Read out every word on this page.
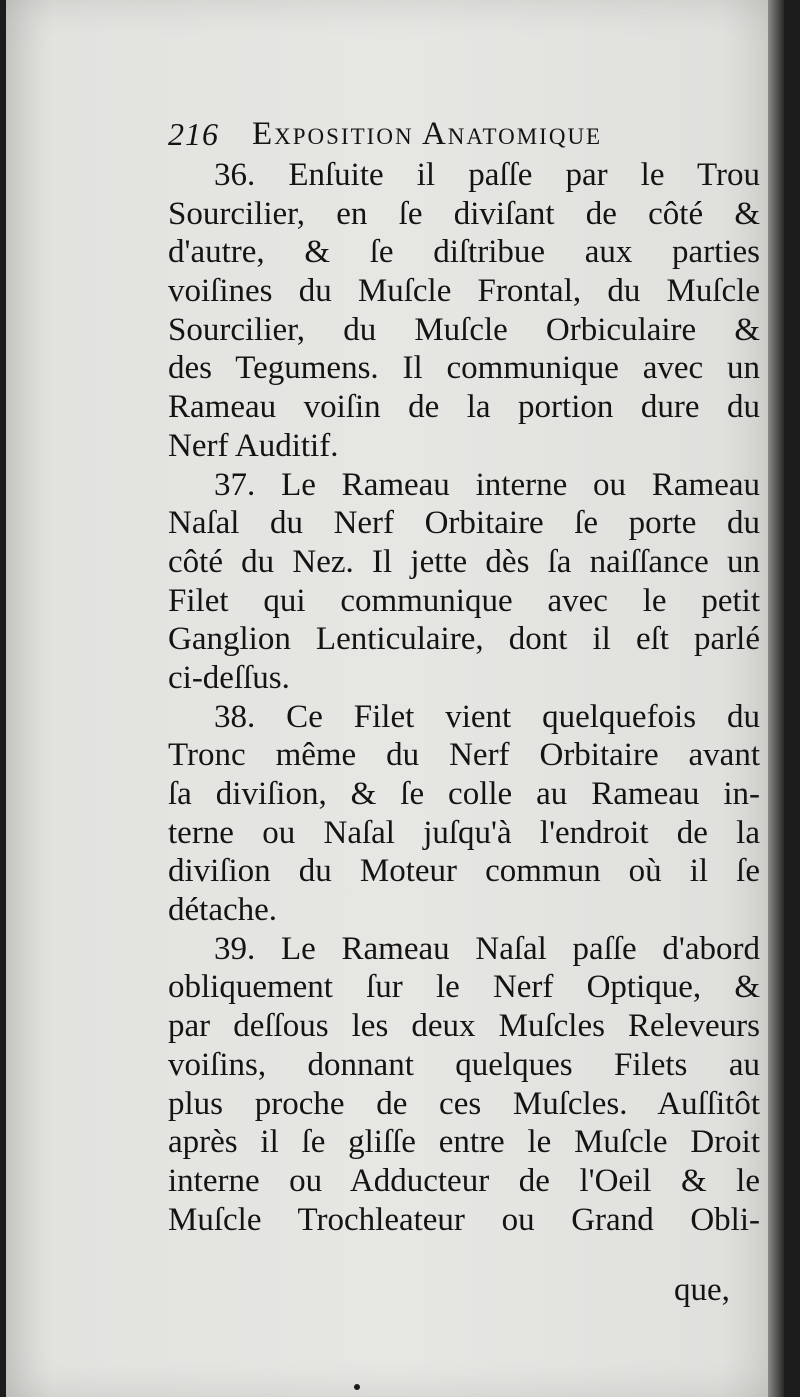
216 Exposition Anatomique
36. Enſuite il paſſe par le Trou
Sourcilier, en ſe diviſant de côté &
d'autre, & ſe diſtribue aux parties
voiſines du Muſcle Frontal, du Muſcle
Sourcilier, du Muſcle Orbiculaire &
des Tegumens. Il communique avec un
Rameau voiſin de la portion dure du
Nerf Auditif.
37. Le Rameau interne ou Rameau
Naſal du Nerf Orbitaire ſe porte du
côté du Nez. Il jette dès ſa naiſſance un
Filet qui communique avec le petit
Ganglion Lenticulaire, dont il eſt parlé
ci-deſſus.
38. Ce Filet vient quelquefois du
Tronc même du Nerf Orbitaire avant
ſa diviſion, & ſe colle au Rameau in-
terne ou Naſal juſqu'à l'endroit de la
diviſion du Moteur commun où il ſe
détache.
39. Le Rameau Naſal paſſe d'abord
obliquement ſur le Nerf Optique, &
par deſſous les deux Muſcles Releveurs
voiſins, donnant quelques Filets au
plus proche de ces Muſcles. Auſſitôt
après il ſe gliſſe entre le Muſcle Droit
interne ou Adducteur de l'Oeil & le
Muſcle Trochleateur ou Grand Obli-
que,
